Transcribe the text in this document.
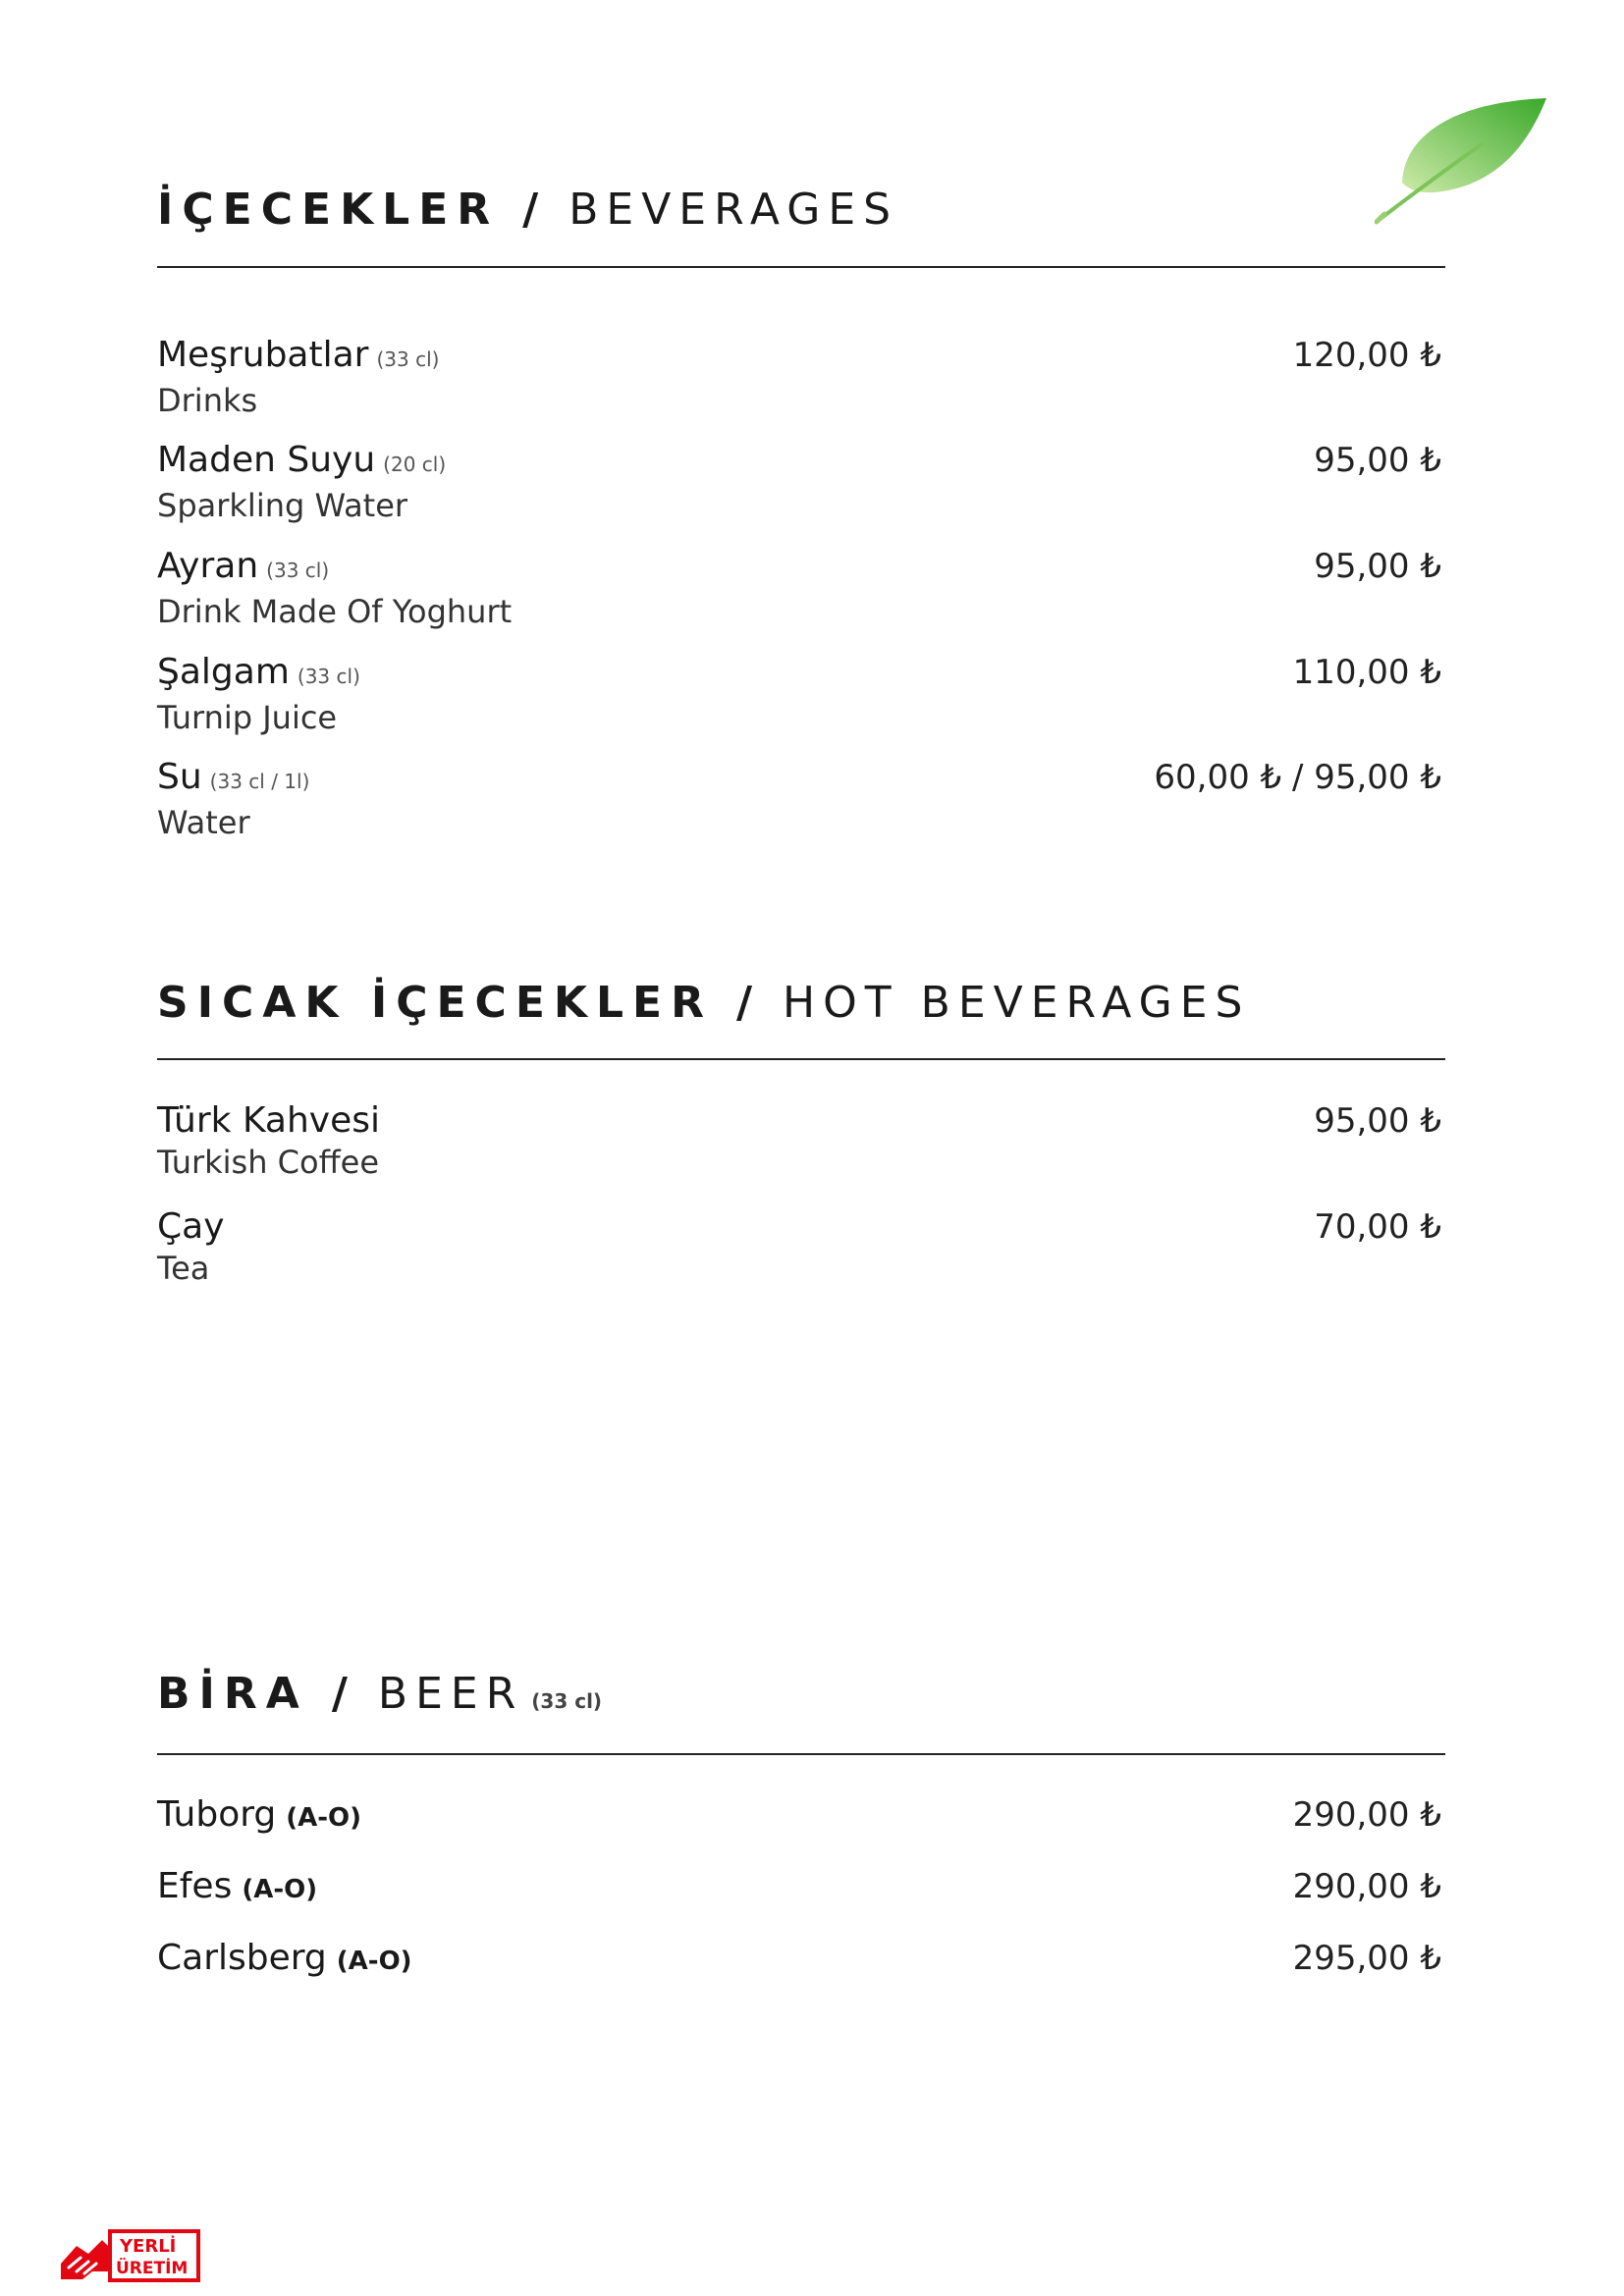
İÇECEKLER / BEVERAGES
Meşrubatlar (33 cl)
Drinks
120,00 ₺
Maden Suyu (20 cl)
Sparkling Water
95,00 ₺
Ayran (33 cl)
Drink Made Of Yoghurt
95,00 ₺
Şalgam (33 cl)
Turnip Juice
110,00 ₺
Su (33 cl / 1l)
Water
60,00 ₺ / 95,00 ₺
SICAK İÇECEKLER / HOT BEVERAGES
Türk Kahvesi
Turkish Coffee
95,00 ₺
Çay
Tea
70,00 ₺
BİRA / BEER (33 cl)
Tuborg (A-O)	290,00 ₺
Efes (A-O)	290,00 ₺
Carlsberg (A-O)	295,00 ₺
YERLİ
ÜRETİM
